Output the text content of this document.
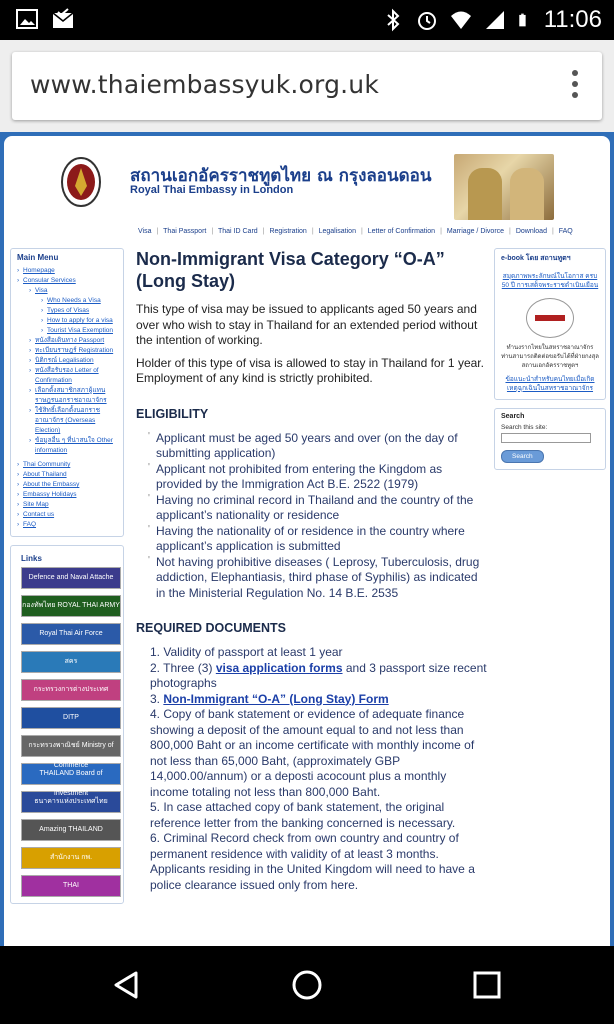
11:06
www.thaiembassyuk.org.uk
สถานเอกอัครราชทูตไทย ณ กรุงลอนดอน
Royal Thai Embassy in London
Visa | Thai Passport | Thai ID Card | Registration | Legalisation | Letter of Confirmation | Marriage / Divorce | Download | FAQ
Main Menu
› Homepage
› Consular Services
› Visa
› Who Needs a Visa
› Types of Visas
› How to apply for a visa
› Tourist Visa Exemption
› หนังสือเดินทาง Passport
› ทะเบียนราษฎร์ Registration
› นิติกรณ์ Legalisation
› หนังสือรับรอง Letter of Confirmation
› เลือกตั้งสมาชิกสภาผู้แทนราษฎรนอกราชอาณาจักร
› ใช้สิทธิ์เลือกตั้งนอกราชอาณาจักร (Overseas Election)
› ข้อมูลอื่น ๆ ที่น่าสนใจ Other information
› Thai Community
› About Thailand
› About the Embassy
› Embassy Holidays
› Site Map
› Contact us
› FAQ
Links
Defence and Naval Attache
กองทัพไทย ROYAL THAI ARMY
Royal Thai Air Force
สคร
กระทรวงการต่างประเทศ
DITP
กระทรวงพาณิชย์ Ministry of
THAILAND Board of
ธนาคารแห่งประเทศไทย
Amazing THAILAND
สำนักงาน กพ.
THAI
Non-Immigrant Visa Category “O-A” (Long Stay)

This type of visa may be issued to applicants aged 50 years and over who wish to stay in Thailand for an extended period without the intention of working.

Holder of this type of visa is allowed to stay in Thailand for 1 year. Employment of any kind is strictly prohibited.

ELIGIBILITY
' Applicant must be aged 50 years and over (on the day of submitting application)
' Applicant not prohibited from entering the Kingdom as provided by the Immigration Act B.E. 2522 (1979)
' Having no criminal record in Thailand and the country of the applicant’s nationality or residence
' Having the nationality of or residence in the country where applicant’s application is submitted
' Not having prohibitive diseases ( Leprosy, Tuberculosis, drug addiction, Elephantiasis, third phase of Syphilis) as indicated in the Ministerial Regulation No. 14 B.E. 2535
REQUIRED DOCUMENTS
1. Validity of passport at least 1 year
2. Three (3) visa application forms and 3 passport size recent photographs
3. Non-Immigrant “O-A” (Long Stay) Form
4. Copy of bank statement or evidence of adequate finance showing a deposit of the amount equal to and not less than 800,000 Baht or an income certificate with monthly income of not less than 65,000 Baht, (approximately GBP 14,000.00/annum) or a deposti acocount plus a monthly income totaling not less than 800,000 Baht.
5. In case attached copy of bank statement, the original reference letter from the banking concerned is necessary.
6. Criminal Record check from own country and country of permanent residence with validity of at least 3 months. Applicants residing in the United Kingdom will need to have a police clearance issued only from here.
e-book โดย สถานทูตฯ
สมุดภาพพระลักษณ์ในโอกาส ครบ 50 ปี การเสด็จพระราชดำเนินเยือน
ทำนงรากไทยในสหราชอาณาจักร ท่านสามารถติดต่อขอรับได้ที่ฝ่ายกงสุล สถานเอกอัครราชทูตฯ
ข้อแนะนำสำหรับคนไทยเมื่อเกิดเหตุฉุกเฉินในสหราชอาณาจักร
Search
Search this site:
Search
